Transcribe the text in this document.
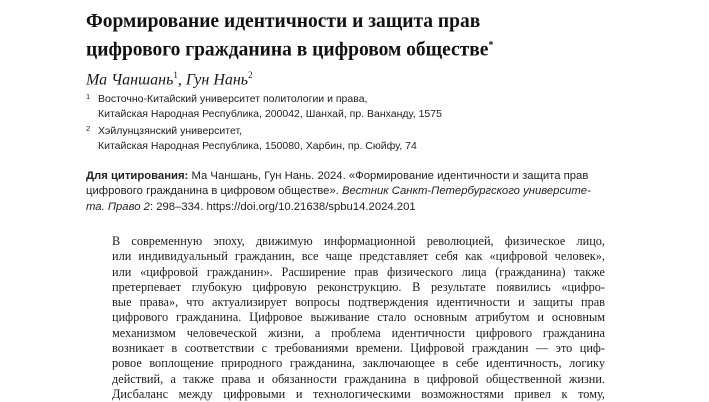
Формирование идентичности и защита прав
цифрового гражданина в цифровом обществе*

Ма Чаншань$^1$, Гун Нань$^2$

1 Восточно-Китайский университет политологии и права,
Китайская Народная Республика, 200042, Шанхай, пр. Ванханду, 1575
2 Хэйлунцзянский университет,
Китайская Народная Республика, 150080, Харбин, пр. Сюйфу, 74
Для цитирования: Ма Чаншань, Гун Нань. 2024. «Формирование идентичности и защита прав
цифрового гражданина в цифровом обществе». Вестник Санкт-Петербургского университе-
та. Право 2: 298–334. https://doi.org/10.21638/spbu14.2024.201
В современную эпоху, движимую информационной революцией, физическое лицо,
или индивидуальный гражданин, все чаще представляет себя как «цифровой человек»,
или «цифровой гражданин». Расширение прав физического лица (гражданина) также
претерпевает глубокую цифровую реконструкцию. В результате появились «цифро-
вые права», что актуализирует вопросы подтверждения идентичности и защиты прав
цифрового гражданина. Цифровое выживание стало основным атрибутом и основным
механизмом человеческой жизни, а проблема идентичности цифрового гражданина
возникает в соответствии с требованиями времени. Цифровой гражданин — это циф-
ровое воплощение природного гражданина, заключающее в себе идентичность, логику
действий, а также права и обязанности гражданина в цифровой общественной жизни.
Дисбаланс между цифровыми и технологическими возможностями привел к тому,
